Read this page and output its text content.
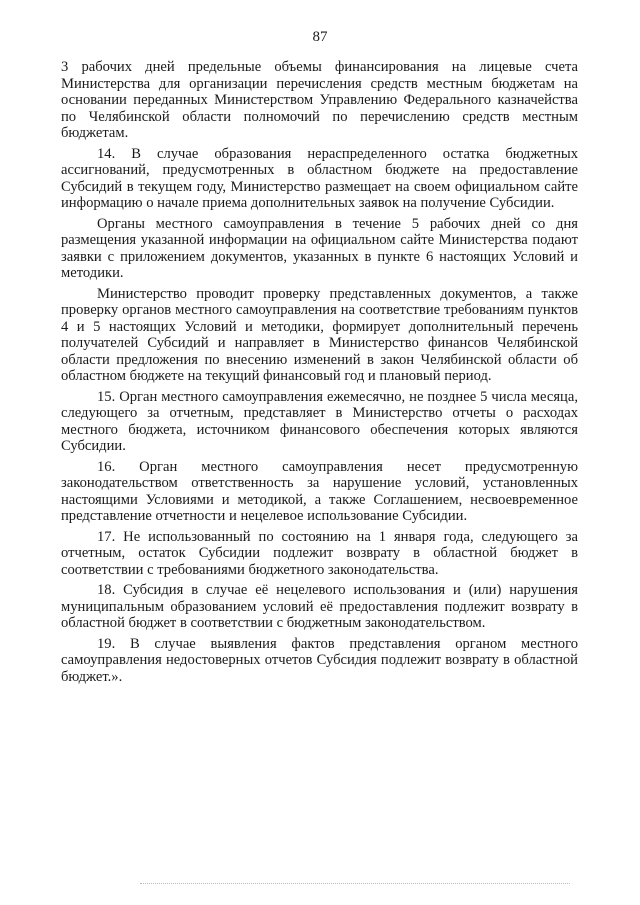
87

3 рабочих дней предельные объемы финансирования на лицевые счета Министерства для организации перечисления средств местным бюджетам на основании переданных Министерством Управлению Федерального казначейства по Челябинской области полномочий по перечислению средств местным бюджетам.

14. В случае образования нераспределенного остатка бюджетных ассигнований, предусмотренных в областном бюджете на предоставление Субсидий в текущем году, Министерство размещает на своем официальном сайте информацию о начале приема дополнительных заявок на получение Субсидии.

Органы местного самоуправления в течение 5 рабочих дней со дня размещения указанной информации на официальном сайте Министерства подают заявки с приложением документов, указанных в пункте 6 настоящих Условий и методики.

Министерство проводит проверку представленных документов, а также проверку органов местного самоуправления на соответствие требованиям пунктов 4 и 5 настоящих Условий и методики, формирует дополнительный перечень получателей Субсидий и направляет в Министерство финансов Челябинской области предложения по внесению изменений в закон Челябинской области об областном бюджете на текущий финансовый год и плановый период.

15. Орган местного самоуправления ежемесячно, не позднее 5 числа месяца, следующего за отчетным, представляет в Министерство отчеты о расходах местного бюджета, источником финансового обеспечения которых являются Субсидии.

16. Орган местного самоуправления несет предусмотренную законодательством ответственность за нарушение условий, установленных настоящими Условиями и методикой, а также Соглашением, несвоевременное представление отчетности и нецелевое использование Субсидии.

17. Не использованный по состоянию на 1 января года, следующего за отчетным, остаток Субсидии подлежит возврату в областной бюджет в соответствии с требованиями бюджетного законодательства.

18. Субсидия в случае её нецелевого использования и (или) нарушения муниципальным образованием условий её предоставления подлежит возврату в областной бюджет в соответствии с бюджетным законодательством.

19. В случае выявления фактов представления органом местного самоуправления недостоверных отчетов Субсидия подлежит возврату в областной бюджет.».
